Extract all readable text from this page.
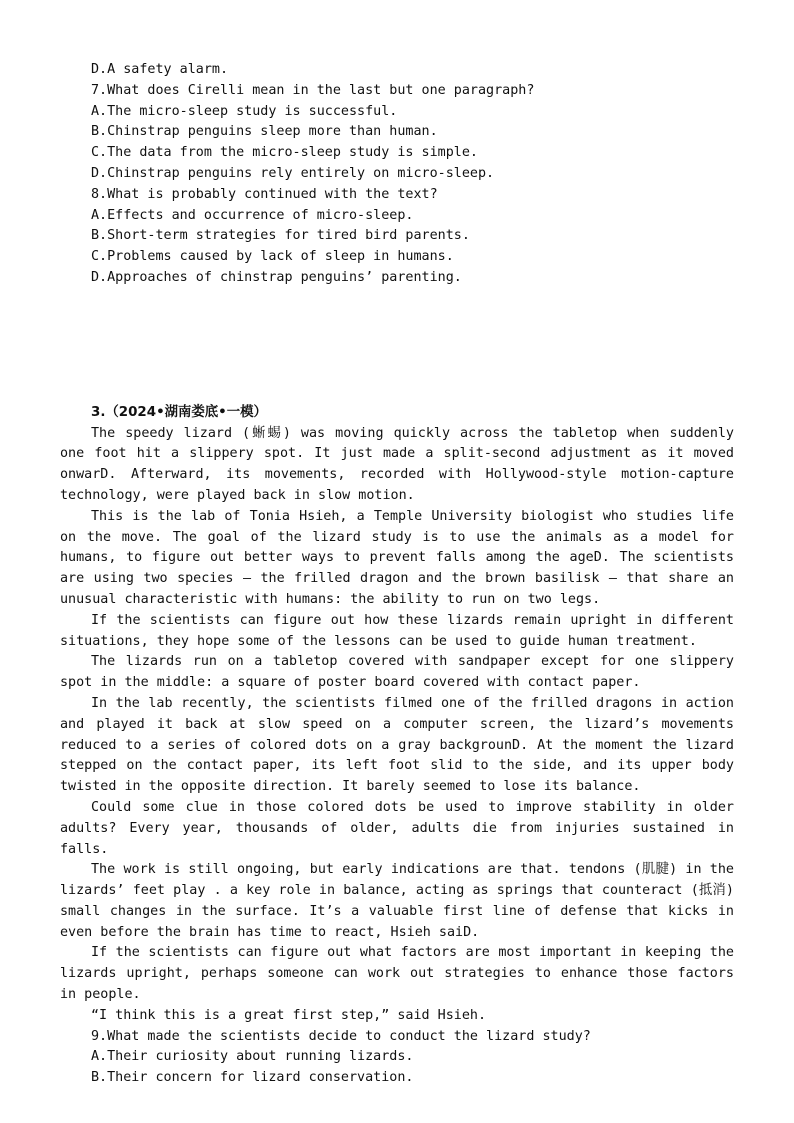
D.A safety alarm.
7.What does Cirelli mean in the last but one paragraph?
A.The micro-sleep study is successful.
B.Chinstrap penguins sleep more than human.
C.The data from the micro-sleep study is simple.
D.Chinstrap penguins rely entirely on micro-sleep.
8.What is probably continued with the text?
A.Effects and occurrence of micro-sleep.
B.Short-term strategies for tired bird parents.
C.Problems caused by lack of sleep in humans.
D.Approaches of chinstrap penguins’ parenting.
3.（2024•湖南娄底•一模）

The speedy lizard (蜥蜴) was moving quickly across the tabletop when suddenly one foot hit a slippery spot. It just made a split-second adjustment as it moved onwarD. Afterward, its movements, recorded with Hollywood-style motion-capture technology, were played back in slow motion.

This is the lab of Tonia Hsieh, a Temple University biologist who studies life on the move. The goal of the lizard study is to use the animals as a model for humans, to figure out better ways to prevent falls among the ageD. The scientists are using two species — the frilled dragon and the brown basilisk — that share an unusual characteristic with humans: the ability to run on two legs.

If the scientists can figure out how these lizards remain upright in different situations, they hope some of the lessons can be used to guide human treatment.

The lizards run on a tabletop covered with sandpaper except for one slippery spot in the middle: a square of poster board covered with contact paper.

In the lab recently, the scientists filmed one of the frilled dragons in action and played it back at slow speed on a computer screen, the lizard’s movements reduced to a series of colored dots on a gray backgrounD. At the moment the lizard stepped on the contact paper, its left foot slid to the side, and its upper body twisted in the opposite direction. It barely seemed to lose its balance.

Could some clue in those colored dots be used to improve stability in older adults? Every year, thousands of older, adults die from injuries sustained in falls.

The work is still ongoing, but early indications are that. tendons (肌腱) in the lizards’ feet play . a key role in balance, acting as springs that counteract (抵消) small changes in the surface. It’s a valuable first line of defense that kicks in even before the brain has time to react, Hsieh saiD.

If the scientists can figure out what factors are most important in keeping the lizards upright, perhaps someone can work out strategies to enhance those factors in people.

“I think this is a great first step,” said Hsieh.

9.What made the scientists decide to conduct the lizard study?
A.Their curiosity about running lizards.
B.Their concern for lizard conservation.
